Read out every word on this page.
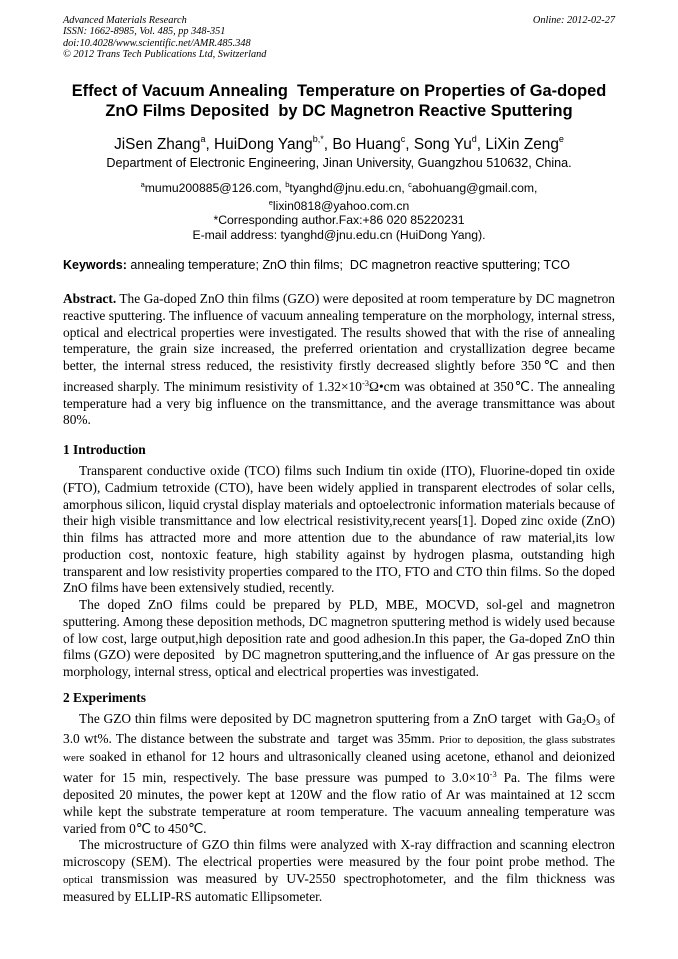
Advanced Materials Research
ISSN: 1662-8985, Vol. 485, pp 348-351
doi:10.4028/www.scientific.net/AMR.485.348
© 2012 Trans Tech Publications Ltd, Switzerland
Online: 2012-02-27
Effect of Vacuum Annealing  Temperature on Properties of Ga-doped
ZnO Films Deposited  by DC Magnetron Reactive Sputtering
JiSen Zhang$^a$, HuiDong Yang$^{b,*}$, Bo Huang$^c$, Song Yu$^d$, LiXin Zeng$^e$
Department of Electronic Engineering, Jinan University, Guangzhou 510632, China.
$^a$mumu200885@126.com, $^b$tyanghd@jnu.edu.cn, $^c$abohuang@gmail.com,
$^e$lixin0818@yahoo.com.cn
*Corresponding author.Fax:+86 020 85220231
E-mail address: tyanghd@jnu.edu.cn (HuiDong Yang).
Keywords: annealing temperature; ZnO thin films;  DC magnetron reactive sputtering; TCO

Abstract. The Ga-doped ZnO thin films (GZO) were deposited at room temperature by DC magnetron reactive sputtering. The influence of vacuum annealing temperature on the morphology, internal stress, optical and electrical properties were investigated. The results showed that with the rise of annealing temperature, the grain size increased, the preferred orientation and crystallization degree became better, the internal stress reduced, the resistivity firstly decreased slightly before 350℃ and then increased sharply. The minimum resistivity of $1.32\times 10^{-3}\Omega•cm$ was obtained at 350℃. The annealing temperature had a very big influence on the transmittance, and the average transmittance was about 80%.

1 Introduction

Transparent conductive oxide (TCO) films such Indium tin oxide (ITO), Fluorine-doped tin oxide (FTO), Cadmium tetroxide (CTO), have been widely applied in transparent electrodes of solar cells, amorphous silicon, liquid crystal display materials and optoelectronic information materials because of their high visible transmittance and low electrical resistivity,recent years[1]. Doped zinc oxide (ZnO) thin films has attracted more and more attention due to the abundance of raw material,its low production cost, nontoxic feature, high stability against by hydrogen plasma, outstanding high transparent and low resistivity properties compared to the ITO, FTO and CTO thin films. So the doped ZnO films have been extensively studied, recently.

The doped ZnO films could be prepared by PLD, MBE, MOCVD, sol-gel and magnetron sputtering. Among these deposition methods, DC magnetron sputtering method is widely used because of low cost, large output,high deposition rate and good adhesion.In this paper, the Ga-doped ZnO thin films (GZO) were deposited   by DC magnetron sputtering,and the influence of  Ar gas pressure on the morphology, internal stress, optical and electrical properties was investigated.

2 Experiments

The GZO thin films were deposited by DC magnetron sputtering from a ZnO target  with $Ga_2O_3$ of 3.0 wt%. The distance between the substrate and  target was 35mm. Prior to deposition, the glass substrates were soaked in ethanol for 12 hours and ultrasonically cleaned using acetone, ethanol and deionized water for 15 min, respectively. The base pressure was pumped to $3.0\times 10^{-3}$ Pa. The films were deposited 20 minutes, the power kept at 120W and the flow ratio of Ar was maintained at 12 sccm while kept the substrate temperature at room temperature. The vacuum annealing temperature was varied from 0℃ to 450℃.

The microstructure of GZO thin films were analyzed with X-ray diffraction and scanning electron microscopy (SEM). The electrical properties were measured by the four point probe method. The optical transmission was measured by UV-2550 spectrophotometer, and the film thickness was measured by ELLIP-RS automatic Ellipsometer.
